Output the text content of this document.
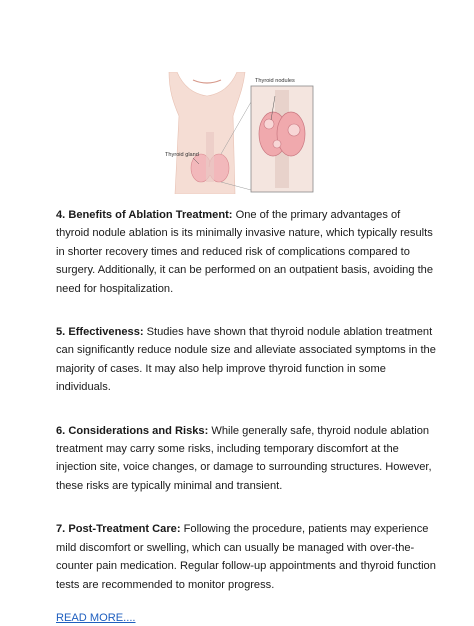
Thyroid nodules
Thyroid gland

4. Benefits of Ablation Treatment: One of the primary advantages of thyroid nodule ablation is its minimally invasive nature, which typically results in shorter recovery times and reduced risk of complications compared to surgery. Additionally, it can be performed on an outpatient basis, avoiding the need for hospitalization.

5. Effectiveness: Studies have shown that thyroid nodule ablation treatment can significantly reduce nodule size and alleviate associated symptoms in the majority of cases. It may also help improve thyroid function in some individuals.

6. Considerations and Risks: While generally safe, thyroid nodule ablation treatment may carry some risks, including temporary discomfort at the injection site, voice changes, or damage to surrounding structures. However, these risks are typically minimal and transient.

7. Post-Treatment Care: Following the procedure, patients may experience mild discomfort or swelling, which can usually be managed with over-the-counter pain medication. Regular follow-up appointments and thyroid function tests are recommended to monitor progress.

READ MORE....
